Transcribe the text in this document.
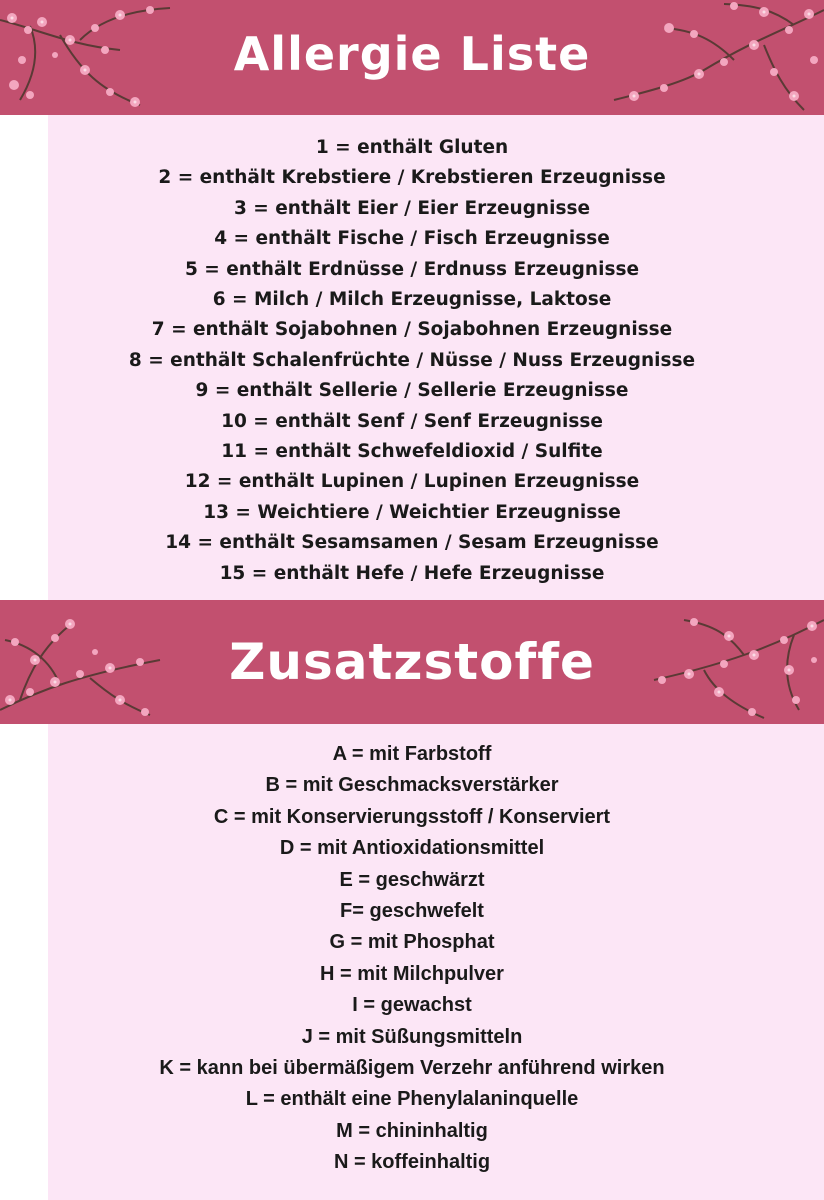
Allergie Liste
1 = enthält Gluten
2 = enthält Krebstiere / Krebstieren Erzeugnisse
3 = enthält Eier / Eier Erzeugnisse
4 = enthält Fische / Fisch Erzeugnisse
5 = enthält Erdnüsse / Erdnuss Erzeugnisse
6 = Milch / Milch Erzeugnisse, Laktose
7 = enthält Sojabohnen / Sojabohnen Erzeugnisse
8 = enthält Schalenfrüchte / Nüsse / Nuss Erzeugnisse
9 = enthält Sellerie / Sellerie Erzeugnisse
10 = enthält Senf / Senf Erzeugnisse
11 = enthält Schwefeldioxid / Sulfite
12 = enthält Lupinen / Lupinen Erzeugnisse
13 = Weichtiere / Weichtier Erzeugnisse
14 = enthält Sesamsamen / Sesam Erzeugnisse
15 = enthält Hefe / Hefe Erzeugnisse
Zusatzstoffe
A = mit Farbstoff
B = mit Geschmacksverstärker
C = mit Konservierungsstoff / Konserviert
D = mit Antioxidationsmittel
E = geschwärzt
F= geschwefelt
G = mit Phosphat
H = mit Milchpulver
I = gewachst
J = mit Süßungsmitteln
K = kann bei übermäßigem Verzehr anführend wirken
L = enthält eine Phenylalaninquelle
M = chininhaltig
N = koffeinhaltig
